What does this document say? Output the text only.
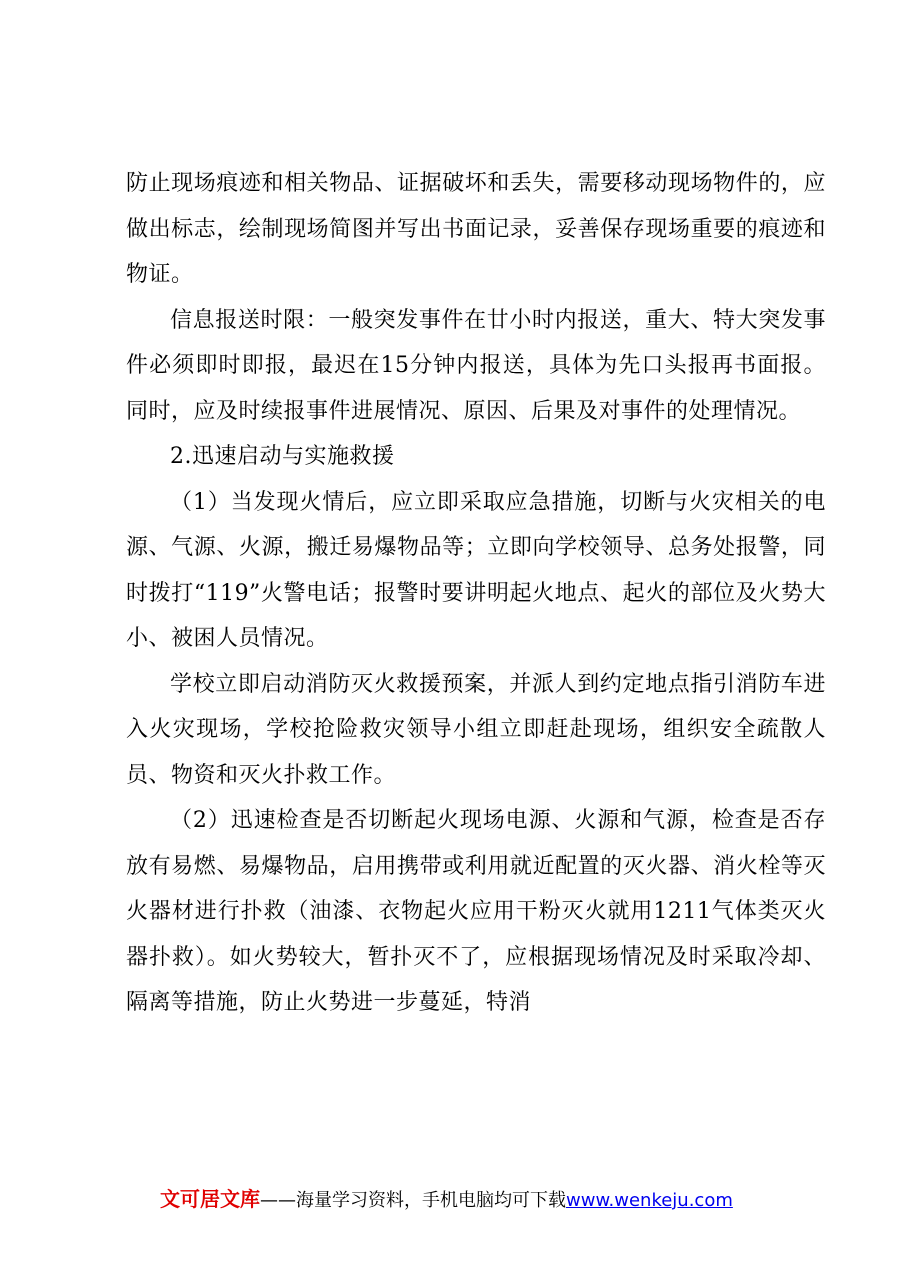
防止现场痕迹和相关物品、证据破坏和丢失，需要移动现场物件的，应做出标志，绘制现场简图并写出书面记录，妥善保存现场重要的痕迹和物证。

信息报送时限：一般突发事件在廿小时内报送，重大、特大突发事件必须即时即报，最迟在15分钟内报送，具体为先口头报再书面报。同时，应及时续报事件进展情况、原因、后果及对事件的处理情况。

2.迅速启动与实施救援

（1）当发现火情后，应立即采取应急措施，切断与火灾相关的电源、气源、火源，搬迁易爆物品等；立即向学校领导、总务处报警，同时拨打“119”火警电话；报警时要讲明起火地点、起火的部位及火势大小、被困人员情况。

学校立即启动消防灭火救援预案，并派人到约定地点指引消防车进入火灾现场，学校抢险救灾领导小组立即赶赴现场，组织安全疏散人员、物资和灭火扑救工作。

（2）迅速检查是否切断起火现场电源、火源和气源，检查是否存放有易燃、易爆物品，启用携带或利用就近配置的灭火器、消火栓等灭火器材进行扑救（油漆、衣物起火应用干粉灭火就用1211气体类灭火器扑救）。如火势较大，暂扑灭不了，应根据现场情况及时采取冷却、隔离等措施，防止火势进一步蔓延，特消

文可居文库——海量学习资料，手机电脑均可下载www.wenkeju.com
